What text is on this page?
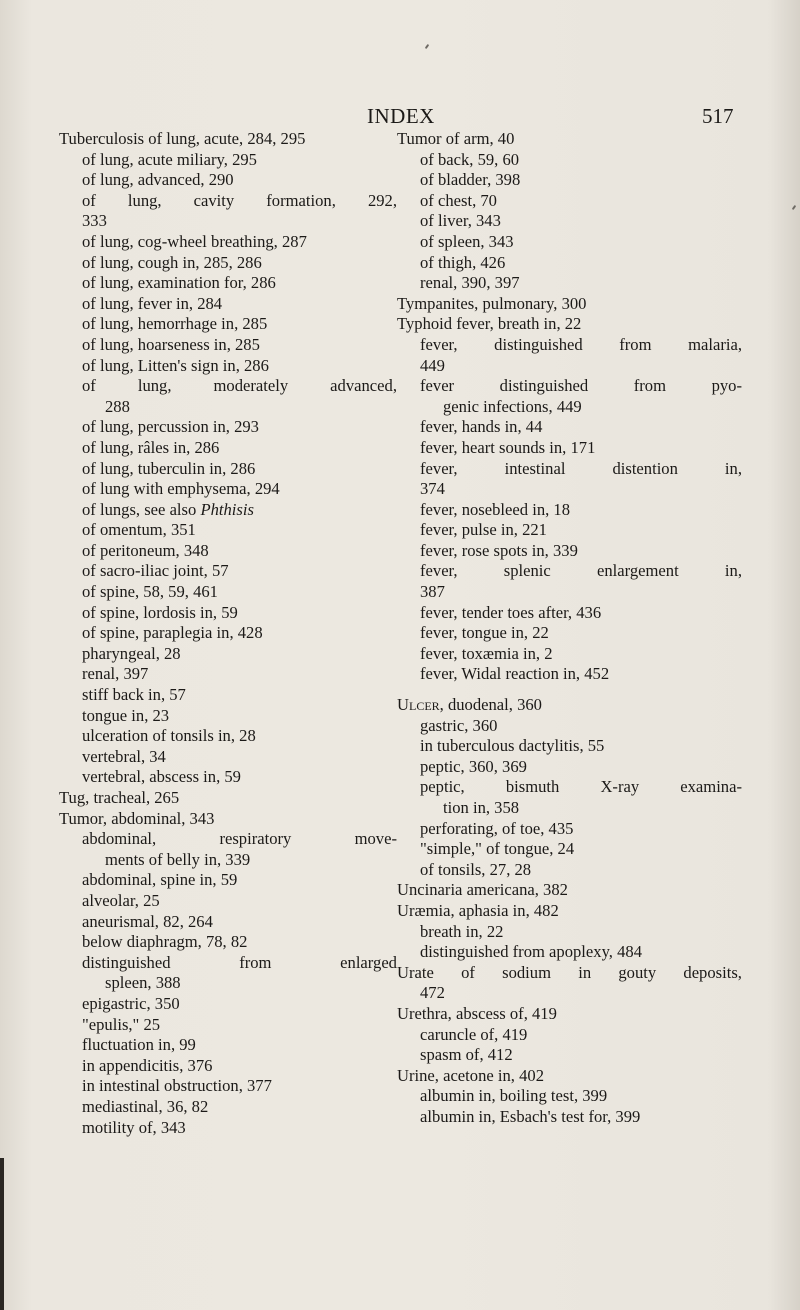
INDEX	517
Tuberculosis of lung, acute, 284, 295
of lung, acute miliary, 295
of lung, advanced, 290
of lung, cavity formation, 292,
333
of lung, cog-wheel breathing, 287
of lung, cough in, 285, 286
of lung, examination for, 286
of lung, fever in, 284
of lung, hemorrhage in, 285
of lung, hoarseness in, 285
of lung, Litten's sign in, 286
of	lung,	moderately	advanced,
288
of lung, percussion in, 293
of lung, râles in, 286
of lung, tuberculin in, 286
of lung with emphysema, 294
of lungs, see also Phthisis
of omentum, 351
of peritoneum, 348
of sacro-iliac joint, 57
of spine, 58, 59, 461
of spine, lordosis in, 59
of spine, paraplegia in, 428
pharyngeal, 28
renal, 397
stiff back in, 57
tongue in, 23
ulceration of tonsils in, 28
vertebral, 34
vertebral, abscess in, 59
Tug, tracheal, 265
Tumor, abdominal, 343
abdominal,	respiratory	move-
ments of belly in, 339
abdominal, spine in, 59
alveolar, 25
aneurismal, 82, 264
below diaphragm, 78, 82
distinguished	from	enlarged
spleen, 388
epigastric, 350
"epulis," 25
fluctuation in, 99
in appendicitis, 376
in intestinal obstruction, 377
mediastinal, 36, 82
motility of, 343
Tumor of arm, 40
of back, 59, 60
of bladder, 398
of chest, 70
of liver, 343
of spleen, 343
of thigh, 426
renal, 390, 397
Tympanites, pulmonary, 300
Typhoid fever, breath in, 22
fever, distinguished from malaria,
449
fever	distinguished	from	pyo-
genic infections, 449
fever, hands in, 44
fever, heart sounds in, 171
fever,	intestinal	distention	in,
374
fever, nosebleed in, 18
fever, pulse in, 221
fever, rose spots in, 339
fever,	splenic	enlargement	in,
387
fever, tender toes after, 436
fever, tongue in, 22
fever, toxæmia in, 2
fever, Widal reaction in, 452
Ulcer, duodenal, 360
gastric, 360
in tuberculous dactylitis, 55
peptic, 360, 369
peptic, bismuth X-ray examina-
tion in, 358
perforating, of toe, 435
"simple," of tongue, 24
of tonsils, 27, 28
Uncinaria americana, 382
Uræmia, aphasia in, 482
breath in, 22
distinguished from apoplexy, 484
Urate of sodium in gouty deposits,
472
Urethra, abscess of, 419
caruncle of, 419
spasm of, 412
Urine, acetone in, 402
albumin in, boiling test, 399
albumin in, Esbach's test for, 399
